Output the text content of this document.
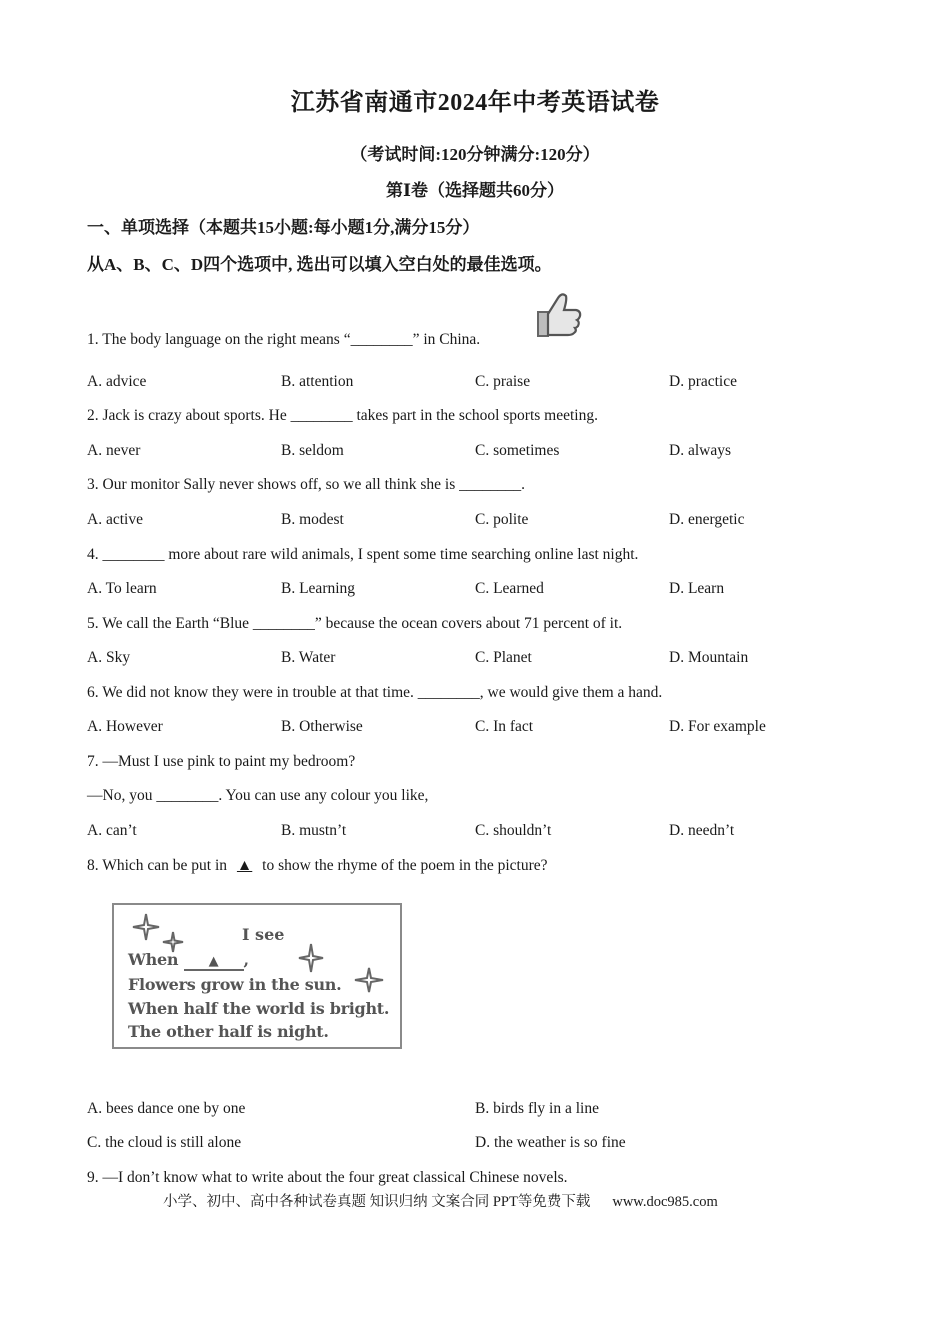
江苏省南通市2024年中考英语试卷
（考试时间:120分钟满分:120分）
第Ⅰ卷（选择题共60分）
一、单项选择（本题共15小题:每小题1分,满分15分）
从A、B、C、D四个选项中, 选出可以填入空白处的最佳选项。
1. The body language on the right means “________” in China.
A. advice	B. attention	C. praise	D. practice
2. Jack is crazy about sports. He ________ takes part in the school sports meeting.
A. never	B. seldom	C. sometimes	D. always
3. Our monitor Sally never shows off, so we all think she is ________.
A. active	B. modest	C. polite	D. energetic
4. ________ more about rare wild animals, I spent some time searching online last night.
A. To learn	B. Learning	C. Learned	D. Learn
5. We call the Earth “Blue ________” because the ocean covers about 71 percent of it.
A. Sky	B. Water	C. Planet	D. Mountain
6. We did not know they were in trouble at that time. ________, we would give them a hand.
A. However	B. Otherwise	C. In fact	D. For example
7. —Must I use pink to paint my bedroom?
—No, you ________. You can use any colour you like,
A. can’t	B. mustn’t	C. shouldn’t	D. needn’t
8. Which can be put in ▲ to show the rhyme of the poem in the picture?
I see
When ▲ ,
Flowers grow in the sun.
When half the world is bright.
The other half is night.
A. bees dance one by one	B. birds fly in a line
C. the cloud is still alone	D. the weather is so fine
9. —I don’t know what to write about the four great classical Chinese novels.
小学、初中、高中各种试卷真题 知识归纳 文案合同 PPT等免费下载 www.doc985.com
